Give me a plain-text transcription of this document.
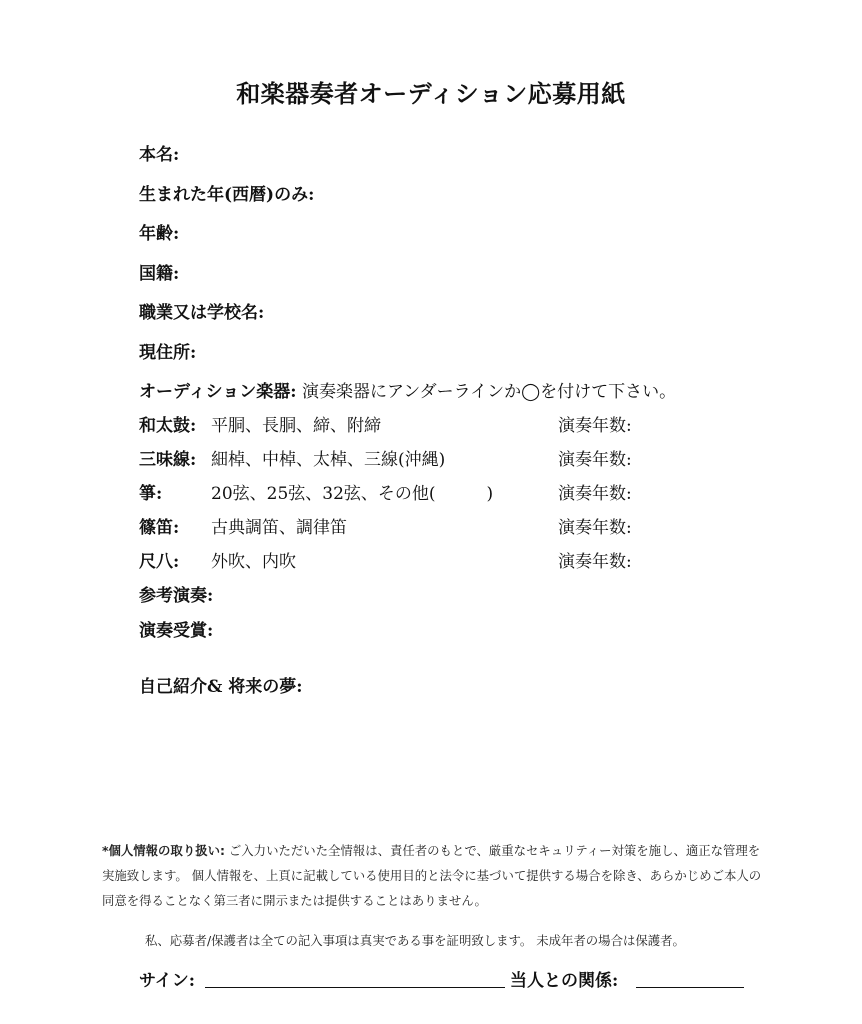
和楽器奏者オーディション応募用紙
本名:
生まれた年(西暦)のみ:
年齢:
国籍:
職業又は学校名:
現住所:
オーディション楽器: 演奏楽器にアンダーラインか◯を付けて下さい。
和太鼓: 平胴、長胴、締、附締	演奏年数:
三味線: 細棹、中棹、太棹、三線(沖縄)	演奏年数:
箏:	20弦、25弦、32弦、その他(　　　)	演奏年数:
篠笛: 古典調笛、調律笛	演奏年数:
尺八: 外吹、内吹	演奏年数:
参考演奏:
演奏受賞:
自己紹介& 将来の夢:
*個人情報の取り扱い: ご入力いただいた全情報は、責任者のもとで、厳重なセキュリティー対策を施し、適正な管理を実施致します。 個人情報を、上頁に記載している使用目的と法令に基づいて提供する場合を除き、あらかじめご本人の同意を得ることなく第三者に開示または提供することはありません。
私、応募者/保護者は全ての記入事項は真実である事を証明致します。 未成年者の場合は保護者。
サイン:	当人との関係:
